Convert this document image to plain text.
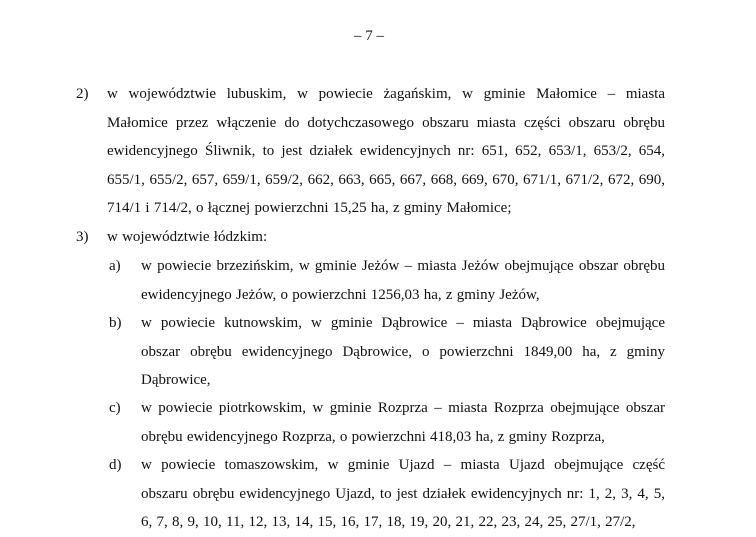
– 7 –
2) w województwie lubuskim, w powiecie żagańskim, w gminie Małomice – miasta Małomice przez włączenie do dotychczasowego obszaru miasta części obszaru obrębu ewidencyjnego Śliwnik, to jest działek ewidencyjnych nr: 651, 652, 653/1, 653/2, 654, 655/1, 655/2, 657, 659/1, 659/2, 662, 663, 665, 667, 668, 669, 670, 671/1, 671/2, 672, 690, 714/1 i 714/2, o łącznej powierzchni 15,25 ha, z gminy Małomice;
3) w województwie łódzkim:
a) w powiecie brzezińskim, w gminie Jeżów – miasta Jeżów obejmujące obszar obrębu ewidencyjnego Jeżów, o powierzchni 1256,03 ha, z gminy Jeżów,
b) w powiecie kutnowskim, w gminie Dąbrowice – miasta Dąbrowice obejmujące obszar obrębu ewidencyjnego Dąbrowice, o powierzchni 1849,00 ha, z gminy Dąbrowice,
c) w powiecie piotrkowskim, w gminie Rozprza – miasta Rozprza obejmujące obszar obrębu ewidencyjnego Rozprza, o powierzchni 418,03 ha, z gminy Rozprza,
d) w powiecie tomaszowskim, w gminie Ujazd – miasta Ujazd obejmujące część obszaru obrębu ewidencyjnego Ujazd, to jest działek ewidencyjnych nr: 1, 2, 3, 4, 5, 6, 7, 8, 9, 10, 11, 12, 13, 14, 15, 16, 17, 18, 19, 20, 21, 22, 23, 24, 25, 27/1, 27/2,
